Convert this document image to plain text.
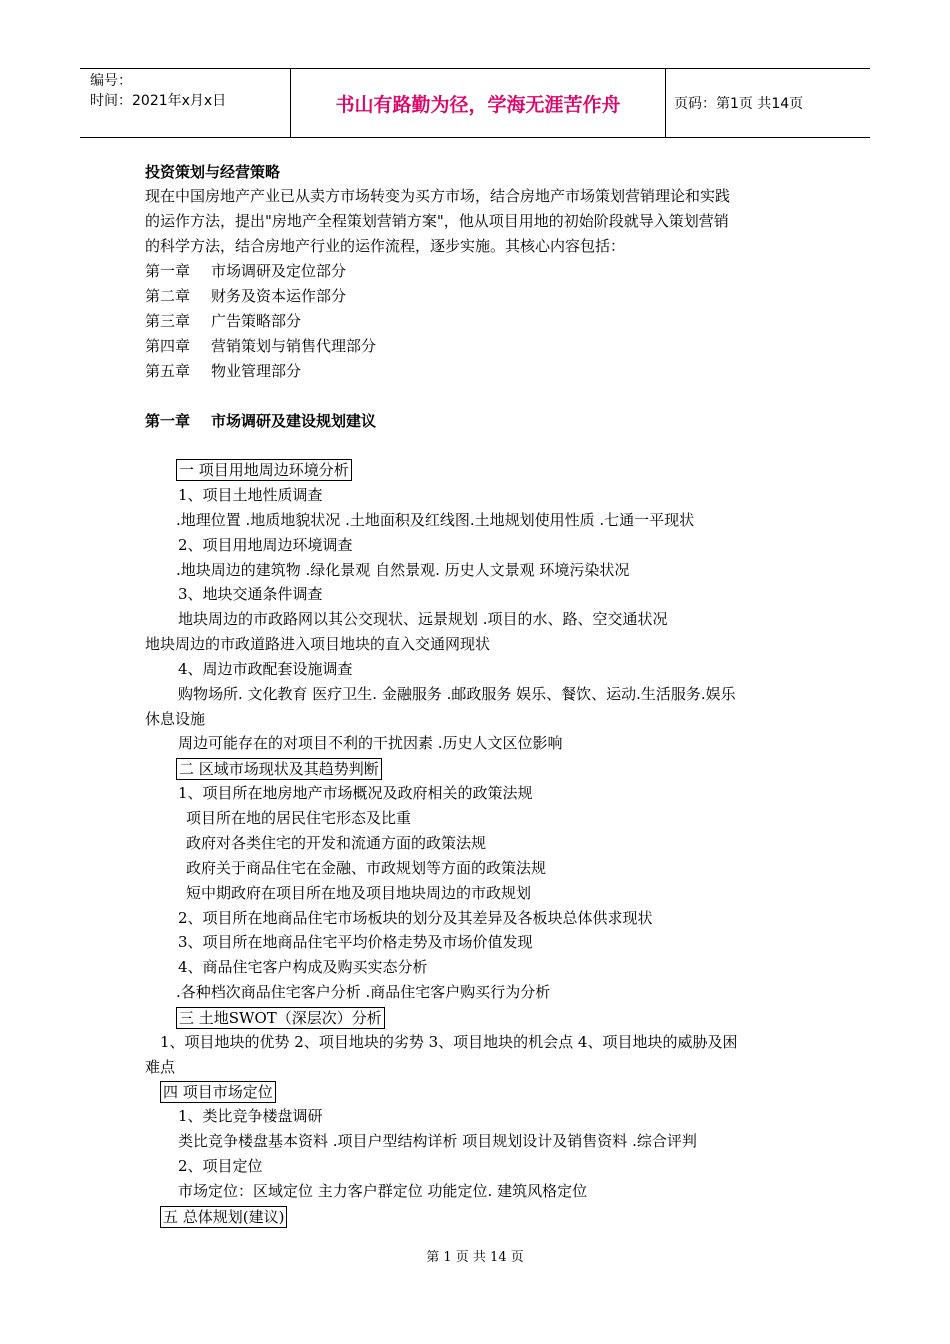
编号：
时间：2021年x月x日	书山有路勤为径，学海无涯苦作舟	页码：第1页 共14页
投资策划与经营策略
现在中国房地产产业已从卖方市场转变为买方市场，结合房地产市场策划营销理论和实践
的运作方法，提出"房地产全程策划营销方案"，他从项目用地的初始阶段就导入策划营销
的科学方法，结合房地产行业的运作流程，逐步实施。其核心内容包括：
第一章 市场调研及定位部分
第二章 财务及资本运作部分
第三章 广告策略部分
第四章 营销策划与销售代理部分
第五章 物业管理部分
第一章 市场调研及建设规划建议
一 项目用地周边环境分析
1、项目土地性质调查
.地理位置 .地质地貌状况 .土地面积及红线图.土地规划使用性质 .七通一平现状
2、项目用地周边环境调查
.地块周边的建筑物 .绿化景观 自然景观. 历史人文景观 环境污染状况
3、地块交通条件调查
地块周边的市政路网以其公交现状、远景规划 .项目的水、路、空交通状况
地块周边的市政道路进入项目地块的直入交通网现状
4、周边市政配套设施调查
购物场所. 文化教育 医疗卫生. 金融服务 .邮政服务 娱乐、餐饮、运动.生活服务.娱乐
休息设施
周边可能存在的对项目不利的干扰因素 .历史人文区位影响
二 区域市场现状及其趋势判断
1、项目所在地房地产市场概况及政府相关的政策法规
项目所在地的居民住宅形态及比重
政府对各类住宅的开发和流通方面的政策法规
政府关于商品住宅在金融、市政规划等方面的政策法规
短中期政府在项目所在地及项目地块周边的市政规划
2、项目所在地商品住宅市场板块的划分及其差异及各板块总体供求现状
3、项目所在地商品住宅平均价格走势及市场价值发现
4、商品住宅客户构成及购买实态分析
.各种档次商品住宅客户分析 .商品住宅客户购买行为分析
三 土地SWOT（深层次）分析
1、项目地块的优势 2、项目地块的劣势 3、项目地块的机会点 4、项目地块的威胁及困
难点
四 项目市场定位
1、类比竞争楼盘调研
类比竞争楼盘基本资料 .项目户型结构详析 项目规划设计及销售资料 .综合评判
2、项目定位
市场定位：区域定位 主力客户群定位 功能定位. 建筑风格定位
五 总体规划(建议)
第 1 页 共 14 页
